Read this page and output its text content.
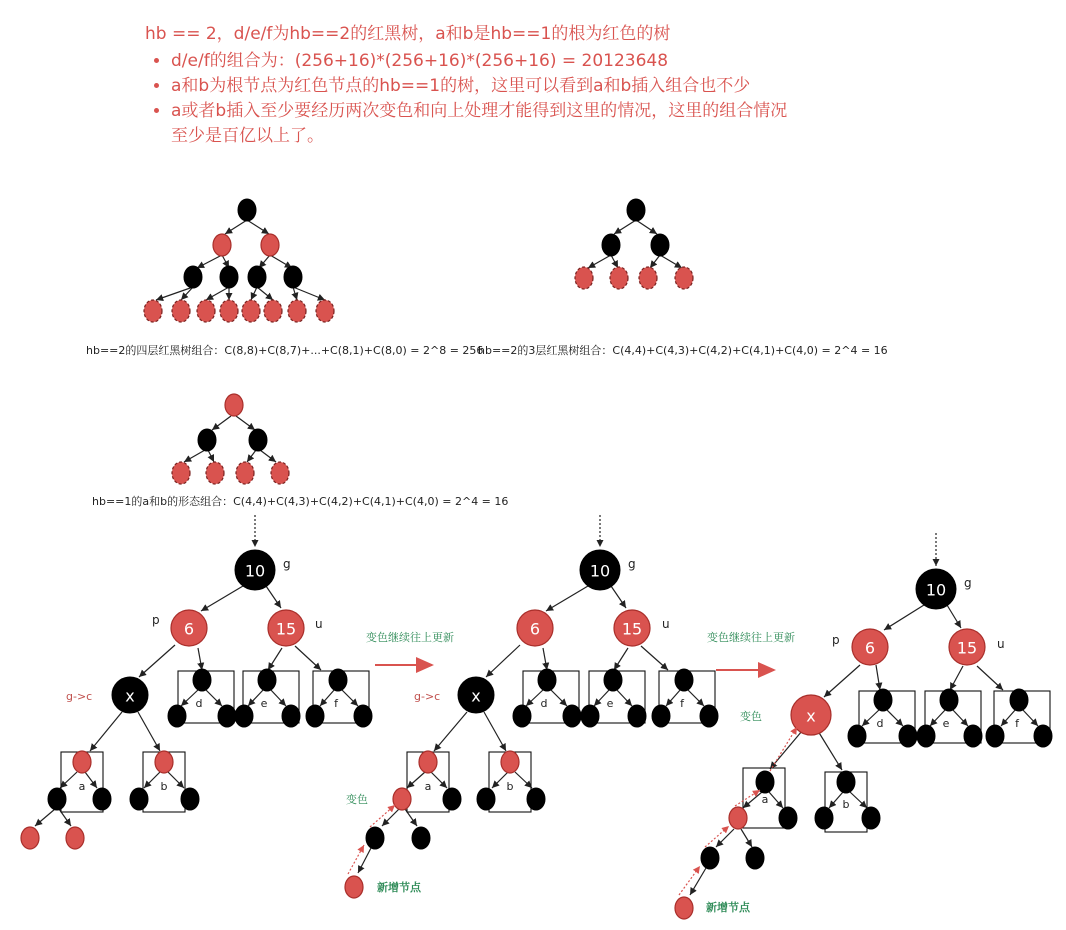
hb == 2，d/e/f为hb==2的红黑树，a和b是hb==1的根为红色的树

• d/e/f的组合为：(256+16)*(256+16)*(256+16) = 20123648
• a和b为根节点为红色节点的hb==1的树，这里可以看到a和b插入组合也不少
• a或者b插入至少要经历两次变色和向上处理才能得到这里的情况，这里的组合情况至少是百亿以上了。
hb==2的四层红黑树组合：C(8,8)+C(8,7)+...+C(8,1)+C(8,0) = 2^8 = 256
hb==2的3层红黑树组合：C(4,4)+C(4,3)+C(4,2)+C(4,1)+C(4,0) = 2^4 = 16
hb==1的a和b的形态组合：C(4,4)+C(4,3)+C(4,2)+C(4,1)+C(4,0) = 2^4 = 16
10 g
6
p	15 u
x
g->c
d	e	f
a	b
变色继续往上更新
10 g
6	15 u
x
g->c
d	e	f
a	b
变色
新增节点
变色继续往上更新
10 g
6
p	15 u
x
变色
d	e	f
a	b
新增节点
